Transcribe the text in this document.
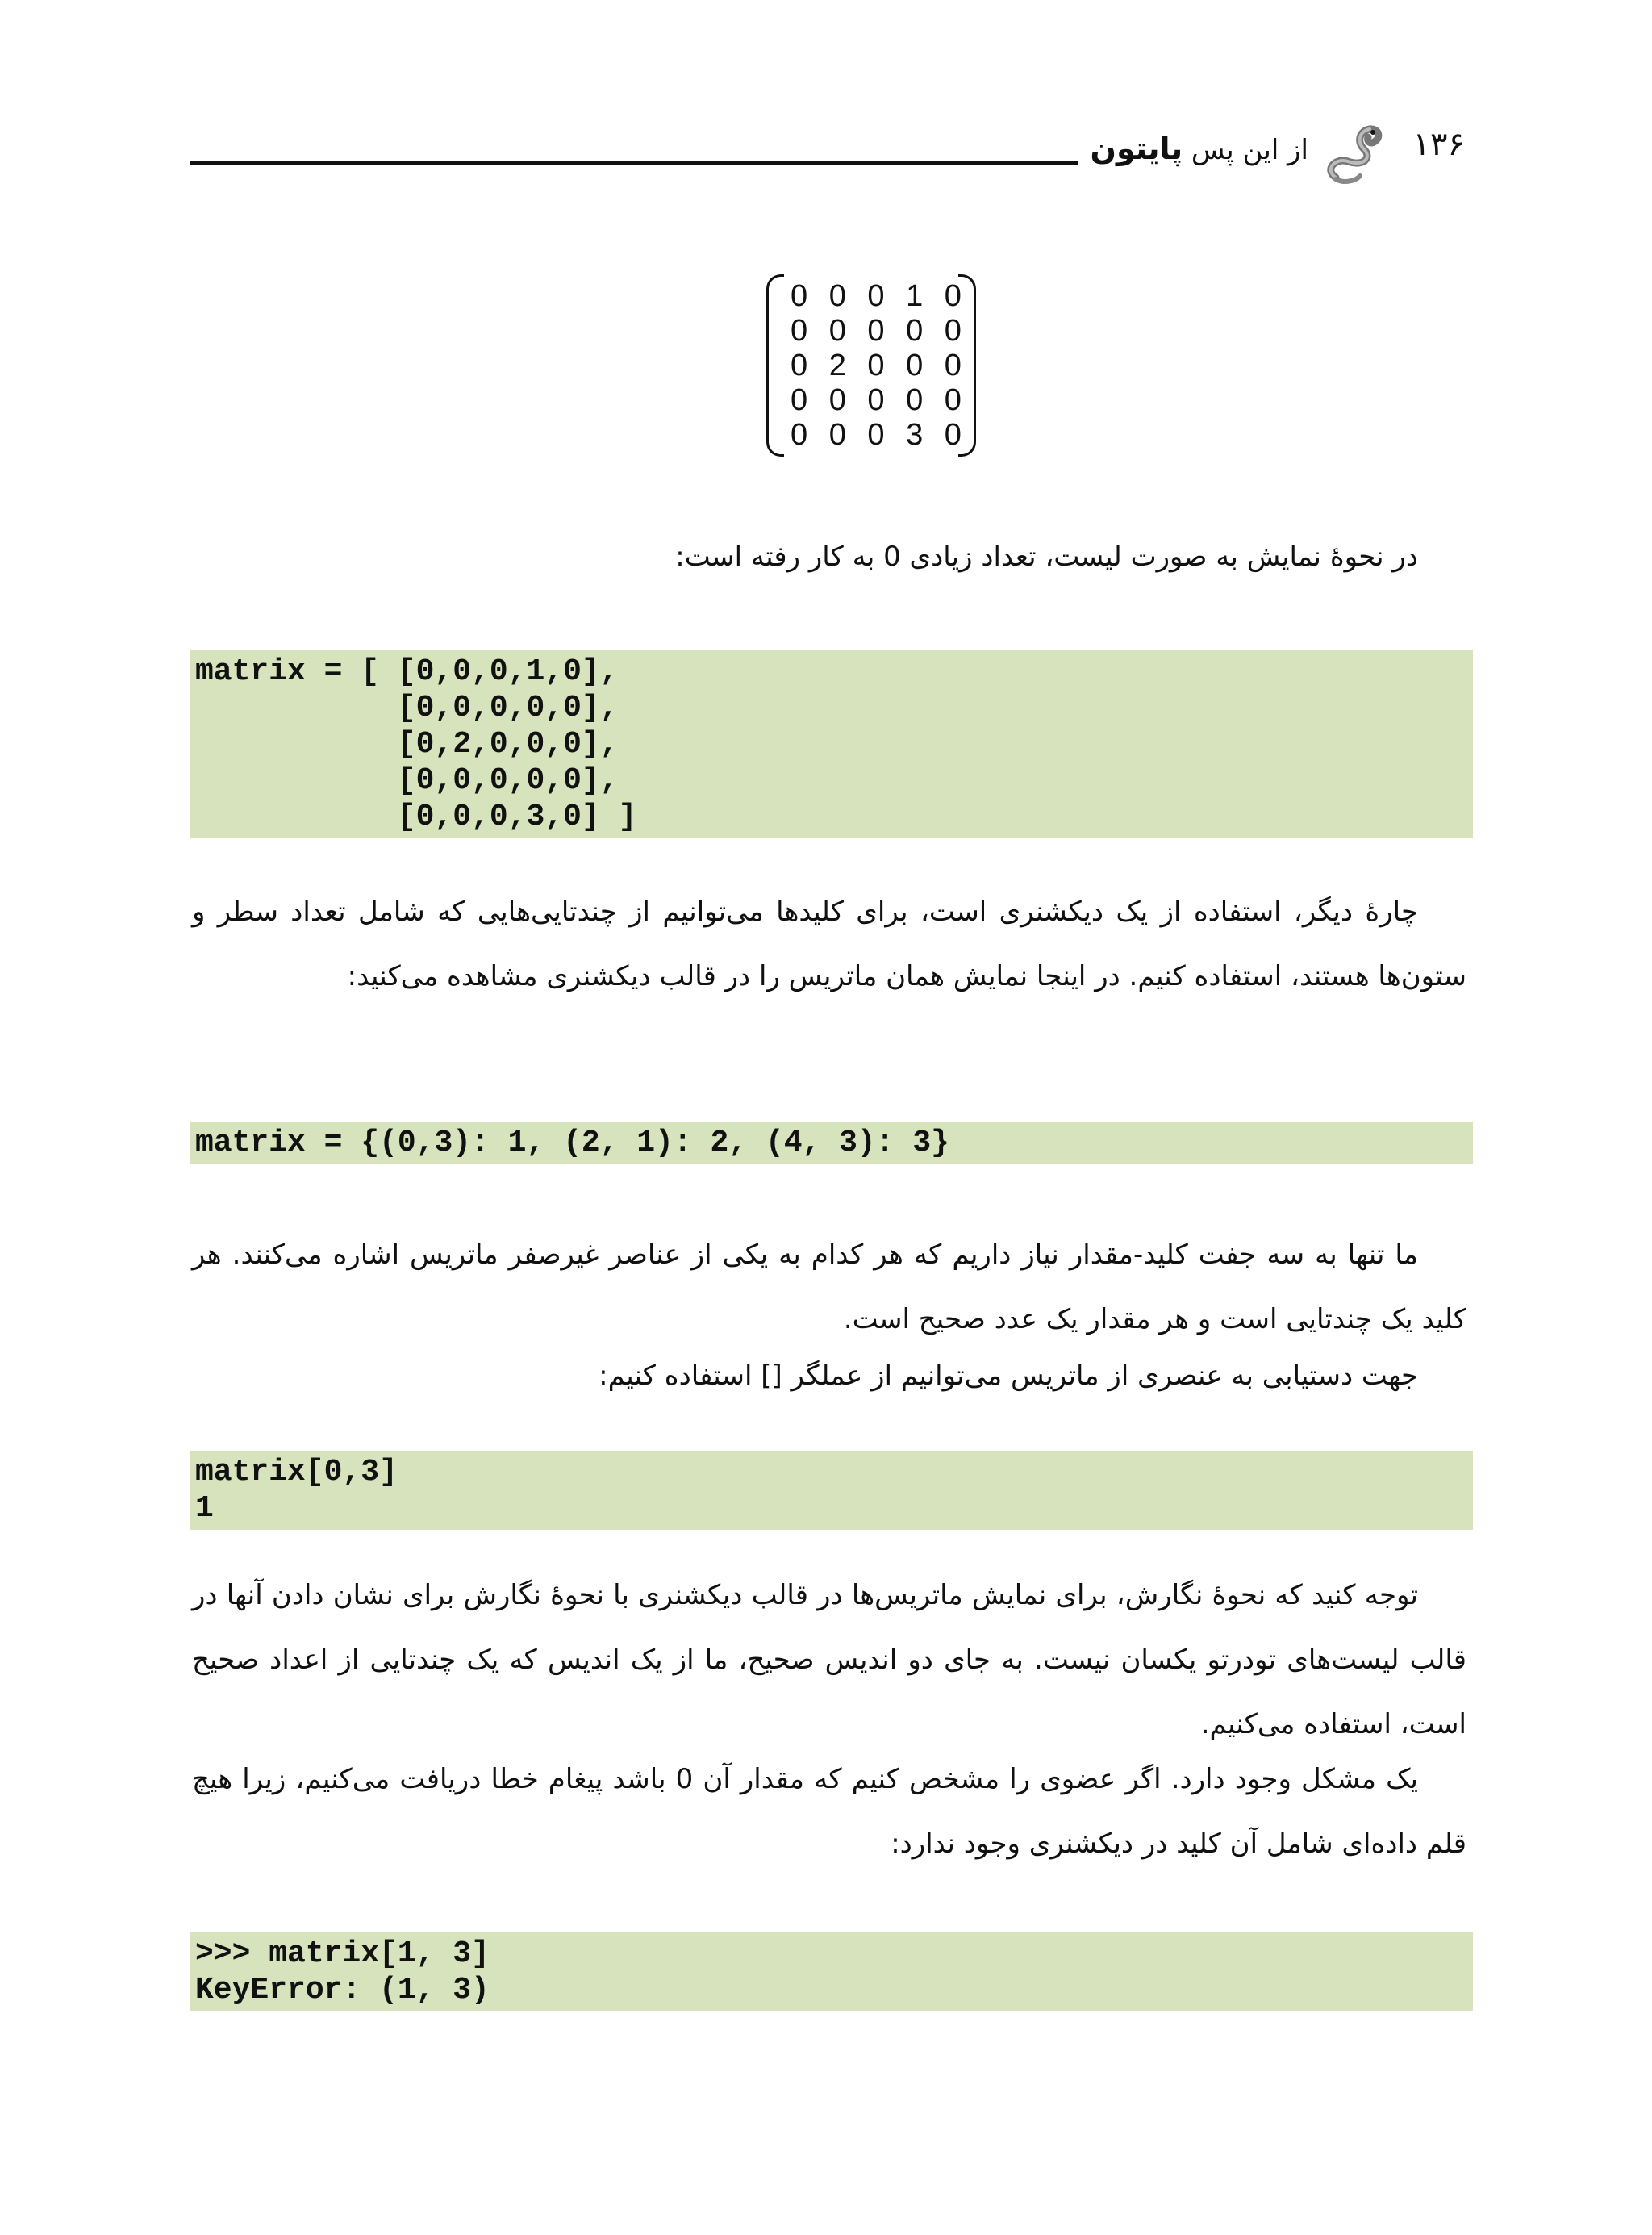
از این پس پایتون	۱۳۶
0 0 0 1 0
0 0 0 0 0
0 2 0 0 0
0 0 0 0 0
0 0 0 3 0
در نحوهٔ نمایش به صورت لیست، تعداد زیادی 0 به کار رفته است:
matrix = [ [0,0,0,1,0],
[0,0,0,0,0],
[0,2,0,0,0],
[0,0,0,0,0],
[0,0,0,3,0] ]
چارهٔ دیگر، استفاده از یک دیکشنری است، برای کلیدها می‌توانیم از چندتایی‌هایی که شامل تعداد سطر و ستون‌ها هستند، استفاده کنیم. در اینجا نمایش همان ماتریس را در قالب دیکشنری مشاهده می‌کنید:
matrix = {(0,3): 1, (2, 1): 2, (4, 3): 3}
ما تنها به سه جفت کلید-مقدار نیاز داریم که هر کدام به یکی از عناصر غیرصفر ماتریس اشاره می‌کنند. هر کلید یک چندتایی است و هر مقدار یک عدد صحیح است.
جهت دستیابی به عنصری از ماتریس می‌توانیم از عملگر [] استفاده کنیم:
matrix[0,3]
1
توجه کنید که نحوهٔ نگارش، برای نمایش ماتریس‌ها در قالب دیکشنری با نحوهٔ نگارش برای نشان دادن آنها در قالب لیست‌های تودرتو یکسان نیست. به جای دو اندیس صحیح، ما از یک اندیس که یک چندتایی از اعداد صحیح است، استفاده می‌کنیم.
یک مشکل وجود دارد. اگر عضوی را مشخص کنیم که مقدار آن 0 باشد پیغام خطا دریافت می‌کنیم، زیرا هیچ قلم داده‌ای شامل آن کلید در دیکشنری وجود ندارد:
>>> matrix[1, 3]
KeyError: (1, 3)
